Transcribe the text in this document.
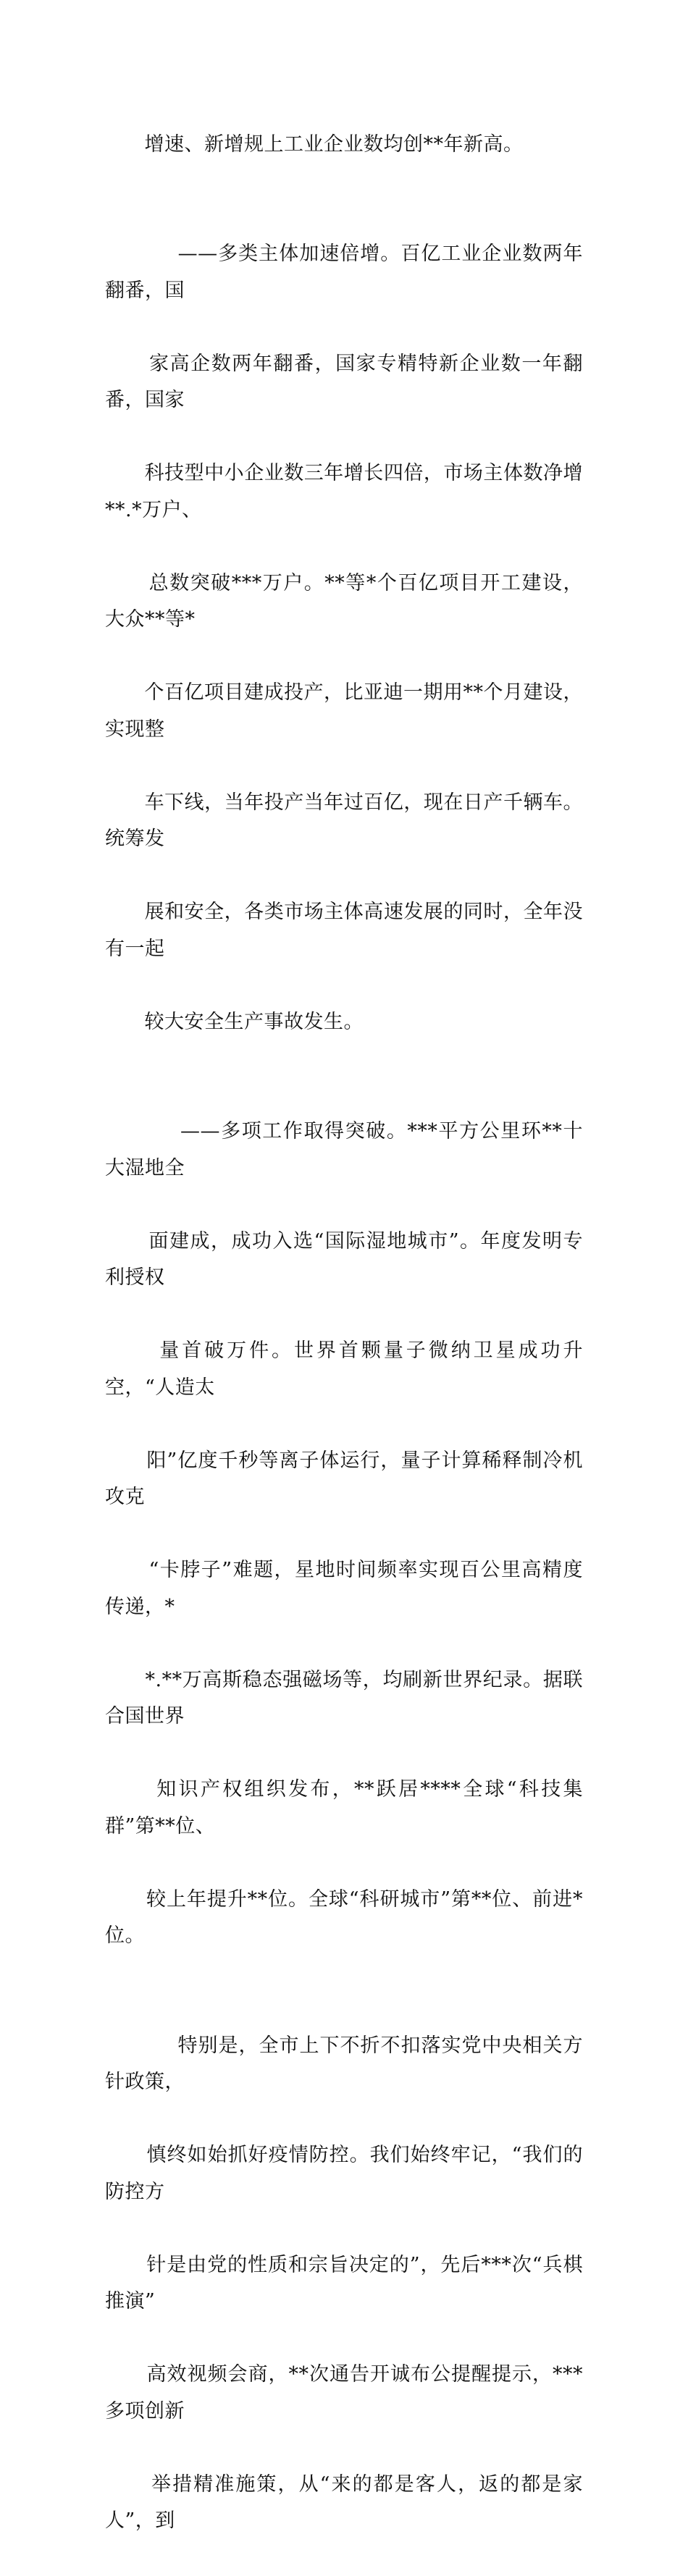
增速、新增规上工业企业数均创**年新高。

——多类主体加速倍增。百亿工业企业数两年翻番，国

家高企数两年翻番，国家专精特新企业数一年翻番，国家

科技型中小企业数三年增长四倍，市场主体数净增**.*万户、

总数突破***万户。**等*个百亿项目开工建设，大众**等*

个百亿项目建成投产，比亚迪一期用**个月建设，实现整

车下线，当年投产当年过百亿，现在日产千辆车。统筹发

展和安全，各类市场主体高速发展的同时，全年没有一起

较大安全生产事故发生。

——多项工作取得突破。***平方公里环**十大湿地全

面建成，成功入选“国际湿地城市”。年度发明专利授权

量首破万件。世界首颗量子微纳卫星成功升空，“人造太

阳”亿度千秒等离子体运行，量子计算稀释制冷机攻克

“卡脖子”难题，星地时间频率实现百公里高精度传递，*

*.**万高斯稳态强磁场等，均刷新世界纪录。据联合国世界

知识产权组织发布，**跃居****全球“科技集群”第**位、

较上年提升**位。全球“科研城市”第**位、前进*位。

特别是，全市上下不折不扣落实党中央相关方针政策，

慎终如始抓好疫情防控。我们始终牢记，“我们的防控方

针是由党的性质和宗旨决定的”，先后***次“兵棋推演”

高效视频会商，**次通告开诚布公提醒提示，***多项创新

举措精准施策，从“来的都是客人，返的都是家人”，到
